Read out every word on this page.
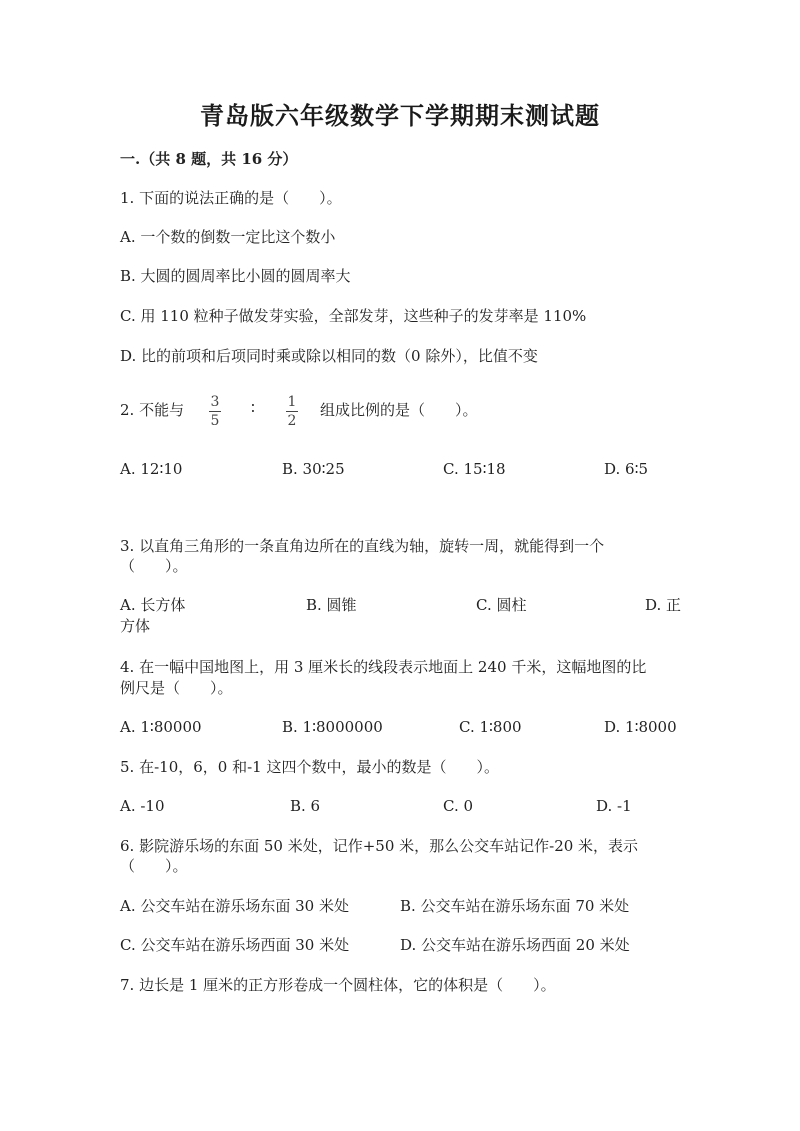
青岛版六年级数学下学期期末测试题
一.（共 8 题，共 16 分）
1. 下面的说法正确的是（　　）。
A. 一个数的倒数一定比这个数小
B. 大圆的圆周率比小圆的圆周率大
C. 用 110 粒种子做发芽实验，全部发芽，这些种子的发芽率是 110%
D. 比的前项和后项同时乘或除以相同的数（0 除外），比值不变
2. 不能与 3
5
∶ 1
2
组成比例的是（　　）。
A. 12∶10	B. 30∶25	C. 15∶18	D. 6∶5
3. 以直角三角形的一条直角边所在的直线为轴，旋转一周，就能得到一个
（　　）。
A. 长方体	B. 圆锥	C. 圆柱	D. 正
方体
4. 在一幅中国地图上，用 3 厘米长的线段表示地面上 240 千米，这幅地图的比
例尺是（　　）。
A. 1∶80000	B. 1∶8000000	C. 1∶800	D. 1∶8000
5. 在-10，6，0 和-1 这四个数中，最小的数是（　　）。
A. -10	B. 6	C. 0	D. -1
6. 影院游乐场的东面 50 米处，记作+50 米，那么公交车站记作-20 米，表示
（　　）。
A. 公交车站在游乐场东面 30 米处	B. 公交车站在游乐场东面 70 米处
C. 公交车站在游乐场西面 30 米处	D. 公交车站在游乐场西面 20 米处
7. 边长是 1 厘米的正方形卷成一个圆柱体，它的体积是（　　）。
